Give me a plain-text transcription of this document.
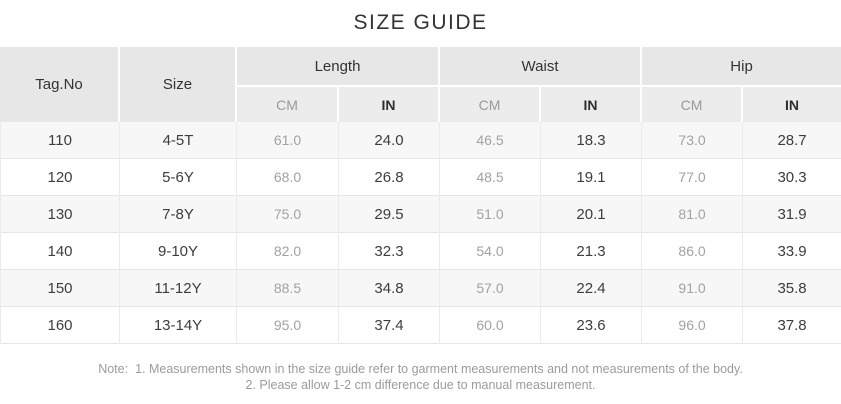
SIZE GUIDE
Tag.No	Size	Length		Waist		Hip	
		CM	IN	CM	IN	CM	IN
110	4-5T	61.0	24.0	46.5	18.3	73.0	28.7
120	5-6Y	68.0	26.8	48.5	19.1	77.0	30.3
130	7-8Y	75.0	29.5	51.0	20.1	81.0	31.9
140	9-10Y	82.0	32.3	54.0	21.3	86.0	33.9
150	11-12Y	88.5	34.8	57.0	22.4	91.0	35.8
160	13-14Y	95.0	37.4	60.0	23.6	96.0	37.8
Note: 1. Measurements shown in the size guide refer to garment measurements and not measurements of the body.
2. Please allow 1-2 cm difference due to manual measurement.
